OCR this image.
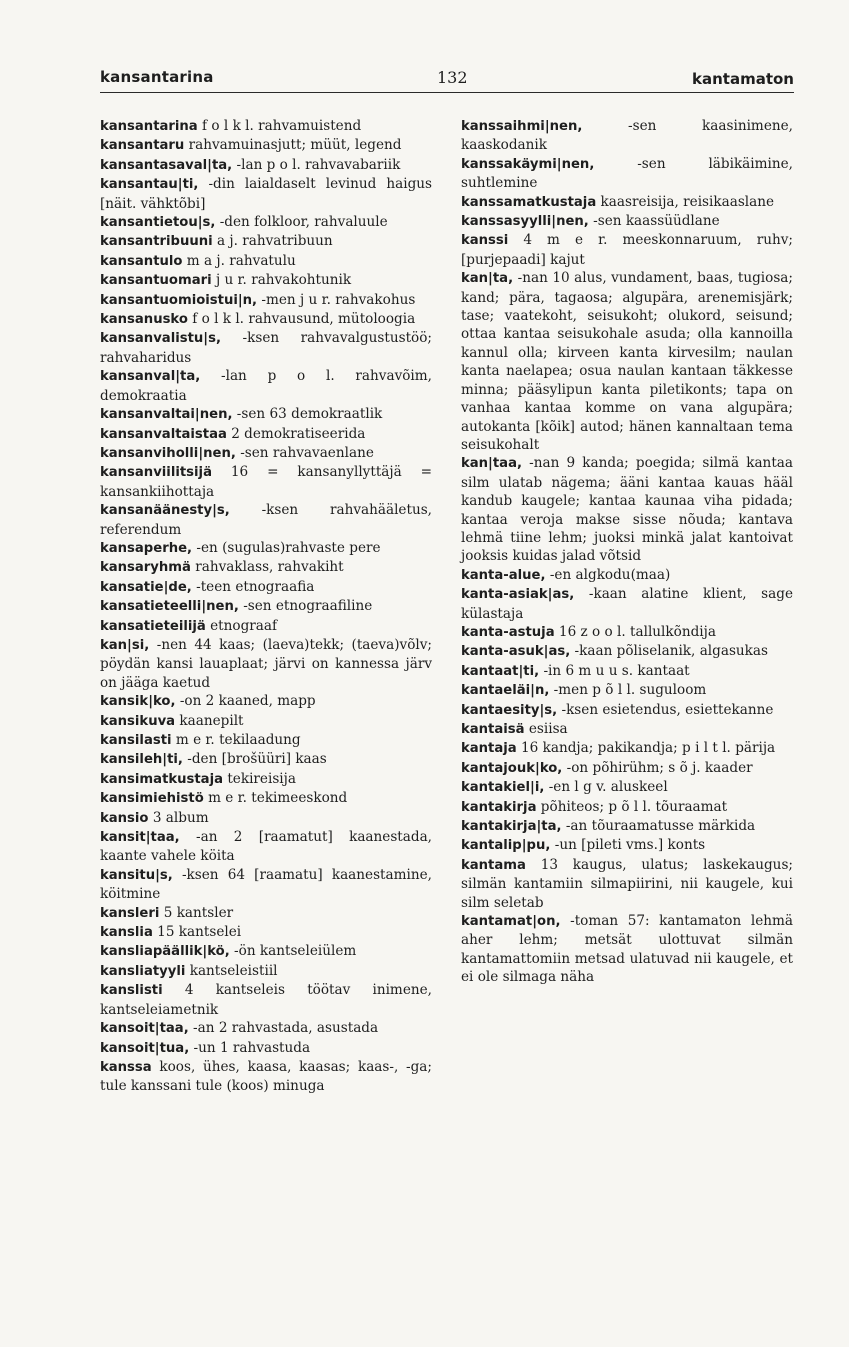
kansantarina	132	kantamaton

kansantarina f o l k l. rahvamuistend

kansantaru rahvamuinasjutt; müüt, legend

kansantasaval|ta, -lan p o l. rahvavabariik

kansantau|ti, -din laialdaselt levinud haigus [näit. vähktõbi]

kansantietou|s, -den folkloor, rahvaluule

kansantribuuni a j. rahvatribuun

kansantulo m a j. rahvatulu

kansantuomari j u r. rahvakohtunik

kansantuomioistui|n, -men j u r. rahvakohus

kansanusko f o l k l. rahvausund, mütoloogia

kansanvalistu|s, -ksen rahvavalgustustöö; rahvaharidus

kansanval|ta, -lan p o l. rahvavõim, demokraatia

kansanvaltai|nen, -sen 63 demokraatlik

kansanvaltaistaa 2 demokratiseerida

kansanviholli|nen, -sen rahvavaenlane

kansanviilitsijä 16 = kansanyllyttäjä = kansankiihottaja

kansanäänesty|s, -ksen rahvahääletus, referendum

kansaperhe, -en (sugulas)rahvaste pere

kansaryhmä rahvaklass, rahvakiht

kansatie|de, -teen etnograafia

kansatieteelli|nen, -sen etnograafiline

kansatieteilijä etnograaf

kan|si, -nen 44 kaas; (laeva)tekk; (taeva)võlv; pöydän kansi lauaplaat; järvi on kannessa järv on jääga kaetud

kansik|ko, -on 2 kaaned, mapp

kansikuva kaanepilt

kansilasti m e r. tekilaadung

kansileh|ti, -den [brošüüri] kaas

kansimatkustaja tekireisija

kansimiehistö m e r. tekimeeskond

kansio 3 album

kansit|taa, -an 2 [raamatut] kaanestada, kaante vahele köita

kansitu|s, -ksen 64 [raamatu] kaanestamine, köitmine

kansleri 5 kantsler

kanslia 15 kantselei

kansliapäällik|kö, -ön kantseleiülem

kansliatyyli kantseleistiil

kanslisti 4 kantseleis töötav inimene, kantseleiametnik

kansoit|taa, -an 2 rahvastada, asustada

kansoit|tua, -un 1 rahvastuda

kanssa koos, ühes, kaasa, kaasas; kaas-, -ga; tule kanssani tule (koos) minuga

kanssaihmi|nen, -sen kaasinimene, kaaskodanik

kanssakäymi|nen, -sen läbikäimine, suhtlemine

kanssamatkustaja kaasreisija, reisikaaslane

kanssasyylli|nen, -sen kaassüüdlane

kanssi 4 m e r. meeskonnaruum, ruhv; [purjepaadi] kajut

kan|ta, -nan 10 alus, vundament, baas, tugiosa; kand; pära, tagaosa; algupära, arenemisjärk; tase; vaatekoht, seisukoht; olukord, seisund; ottaa kantaa seisukohale asuda; olla kannoilla kannul olla; kirveen kanta kirvesilm; naulan kanta naelapea; osua naulan kantaan täkkesse minna; pääsylipun kanta piletikonts; tapa on vanhaa kantaa komme on vana algupära; autokanta [kõik] autod; hänen kannaltaan tema seisukohalt

kan|taa, -nan 9 kanda; poegida; silmä kantaa silm ulatab nägema; ääni kantaa kauas hääl kandub kaugele; kantaa kaunaa viha pidada; kantaa veroja makse sisse nõuda; kantava lehmä tiine lehm; juoksi minkä jalat kantoivat jooksis kuidas jalad võtsid

kanta-alue, -en algkodu(maa)

kanta-asiak|as, -kaan alatine klient, sage külastaja

kanta-astuja 16 z o o l. tallulkõndija

kanta-asuk|as, -kaan põliselanik, algasukas

kantaat|ti, -in 6 m u u s. kantaat

kantaeläi|n, -men p õ l l. suguloom

kantaesity|s, -ksen esietendus, esiettekanne

kantaisä esiisa

kantaja 16 kandja; pakikandja; p i l t l. pärija

kantajouk|ko, -on põhirühm; s õ j. kaader

kantakiel|i, -en l g v. aluskeel

kantakirja põhiteos; p õ l l. tõuraamat

kantakirja|ta, -an tõuraamatusse märkida

kantalip|pu, -un [pileti vms.] konts

kantama 13 kaugus, ulatus; laskekaugus; silmän kantamiin silmapiirini, nii kaugele, kui silm seletab

kantamat|on, -toman 57: kantamaton lehmä aher lehm; metsät ulottuvat silmän kantamattomiin metsad ulatuvad nii kaugele, et ei ole silmaga näha
